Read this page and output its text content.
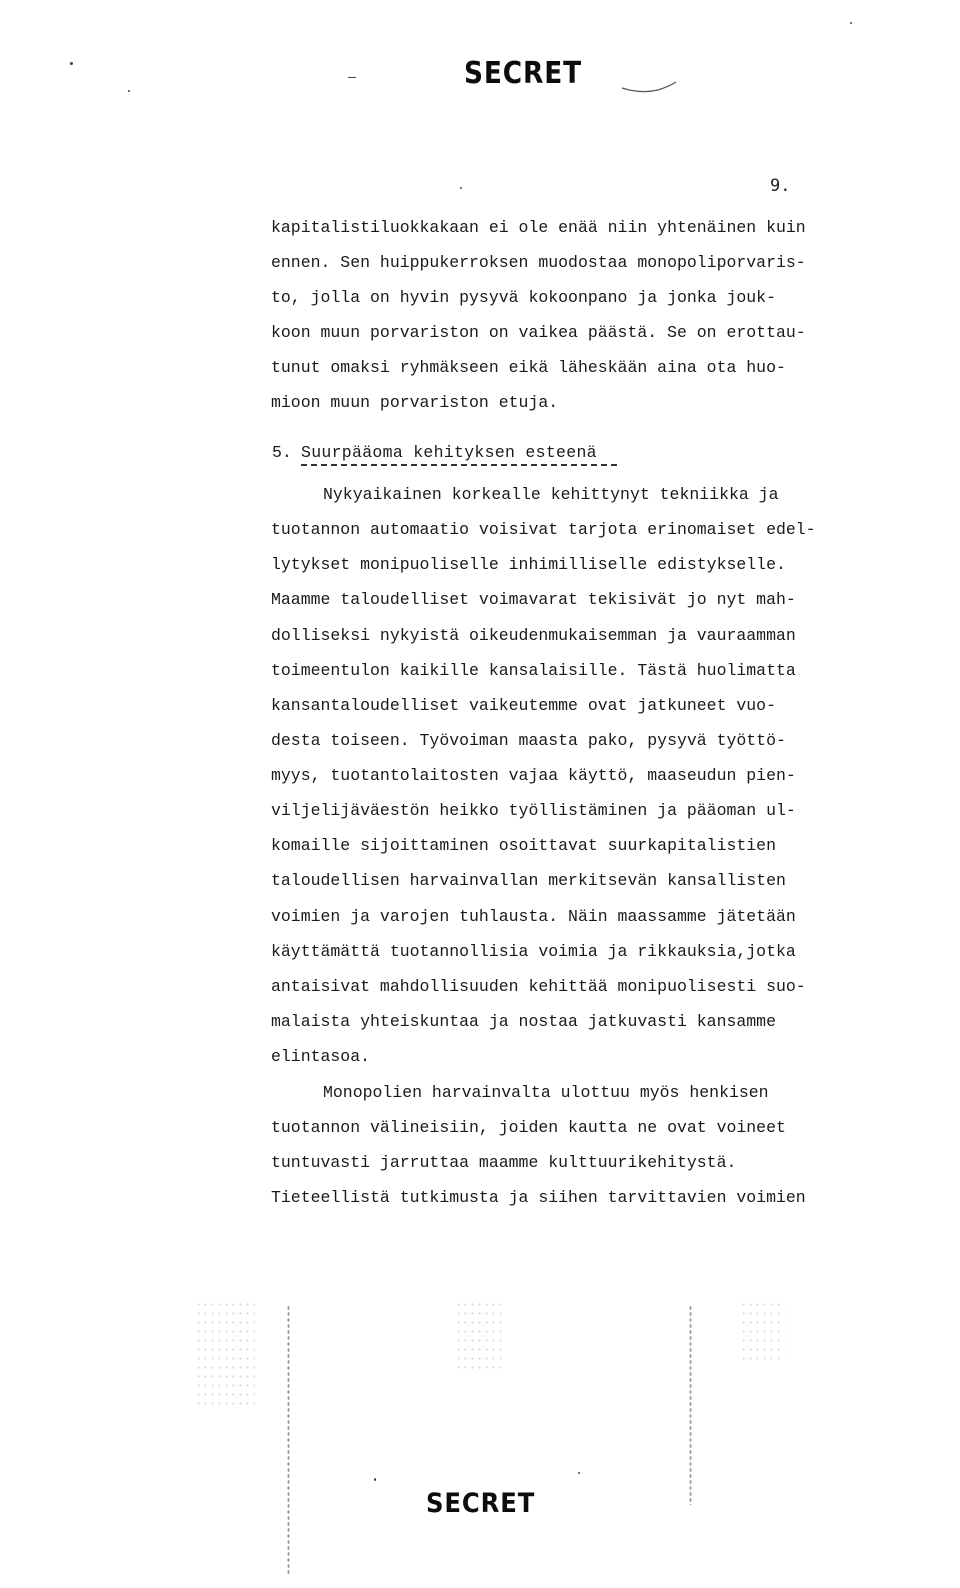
SECRET
9.
kapitalistiluokkakaan ei ole enää niin yhtenäinen kuin
ennen. Sen huippukerroksen muodostaa monopoliporvaris-
to, jolla on hyvin pysyvä kokoonpano ja jonka jouk-
koon muun porvariston on vaikea päästä. Se on erottau-
tunut omaksi ryhmäkseen eikä läheskään aina ota huo-
mioon muun porvariston etuja.
5. Suurpääoma kehityksen esteenä
Nykyaikainen korkealle kehittynyt tekniikka ja
tuotannon automaatio voisivat tarjota erinomaiset edel-
lytykset monipuoliselle inhimilliselle edistykselle.
Maamme taloudelliset voimavarat tekisivät jo nyt mah-
dolliseksi nykyistä oikeudenmukaisemman ja vauraamman
toimeentulon kaikille kansalaisille. Tästä huolimatta
kansantaloudelliset vaikeutemme ovat jatkuneet vuo-
desta toiseen. Työvoiman maasta pako, pysyvä työttö-
myys, tuotantolaitosten vajaa käyttö, maaseudun pien-
viljelijäväestön heikko työllistäminen ja pääoman ul-
komaille sijoittaminen osoittavat suurkapitalistien
taloudellisen harvainvallan merkitsevän kansallisten
voimien ja varojen tuhlausta. Näin maassamme jätetään
käyttämättä tuotannollisia voimia ja rikkauksia,jotka
antaisivat mahdollisuuden kehittää monipuolisesti suo-
malaista yhteiskuntaa ja nostaa jatkuvasti kansamme
elintasoa.
Monopolien harvainvalta ulottuu myös henkisen
tuotannon välineisiin, joiden kautta ne ovat voineet
tuntuvasti jarruttaa maamme kulttuurikehitystä.
Tieteellistä tutkimusta ja siihen tarvittavien voimien
SECRET
